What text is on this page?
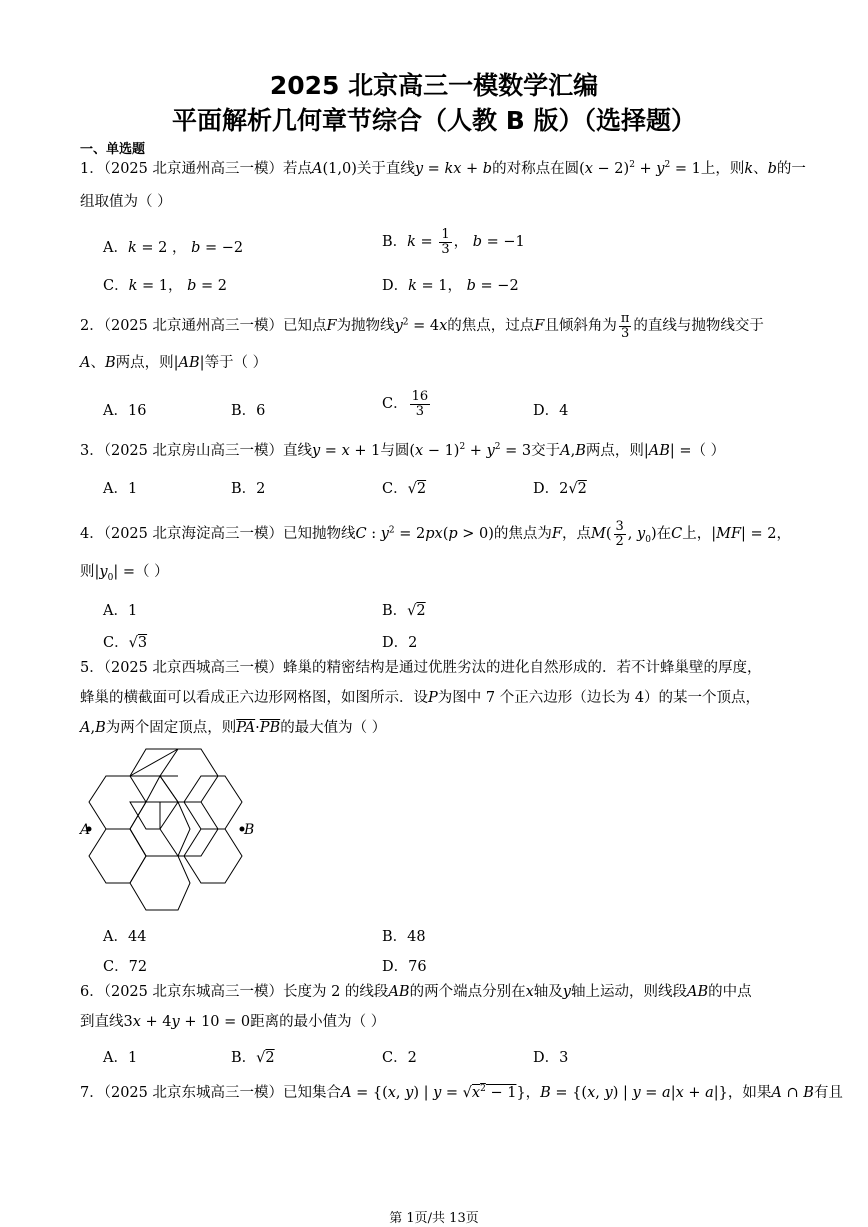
2025 北京高三一模数学汇编
平面解析几何章节综合（人教 B 版）（选择题）
一、单选题
1．（2025 北京通州高三一模）若点A(1,0)关于直线y = kx + b的对称点在圆$(x - 2)^2 + y^2 = 1$上，则k、b的一
组取值为（ ）
A．k = 2 ， b = −2	B．$k = \frac{1}{3}$ ， b = −1
C．k = 1， b = 2	D．k = 1， b = −2
2．（2025 北京通州高三一模）已知点F为抛物线$y^2 = 4x$的焦点，过点F且倾斜角为 $\frac{\pi}{3}$ 的直线与抛物线交于
A、B两点，则|AB|等于（ ）
A．16	B．6	C． $\frac{16}{3}$	D．4
3．（2025 北京房山高三一模）直线y = x + 1与圆$(x - 1)^2 + y^2 = 3$交于A,B两点，则|AB| =（ ）
A．1	B．2	C．√2	D．2√2
4．（2025 北京海淀高三一模）已知抛物线C : $y^2 = 2px(p > 0)$的焦点为F，点$M( \frac{3}{2}$ , $y_0$)在C上，|MF| = 2，
则$|y_0|$ =（ ）
A．1	B．√2
C．√3	D．2
5．（2025 北京西城高三一模）蜂巢的精密结构是通过优胜劣汰的进化自然形成的．若不计蜂巢壁的厚度，
蜂巢的横截面可以看成正六边形网格图，如图所示．设P为图中 7 个正六边形（边长为 4）的某一个顶点，
A,B为两个固定顶点，则$\overline{PA}\cdot\overline{PB}$的最大值为（ ）
A	B
A．44	B．48
C．72	D．76
6．（2025 北京东城高三一模）长度为 2 的线段AB的两个端点分别在x轴及y轴上运动，则线段AB的中点
到直线3x + 4y + 10 = 0距离的最小值为（ ）
A．1	B．√2	C．2	D．3
7．（2025 北京东城高三一模）已知集合A = {(x, y) | $y = √x^2 - 1$}，B = {(x, y) | y = a|x + a|}，如果A ∩ B有且
第 1页/共 13页
